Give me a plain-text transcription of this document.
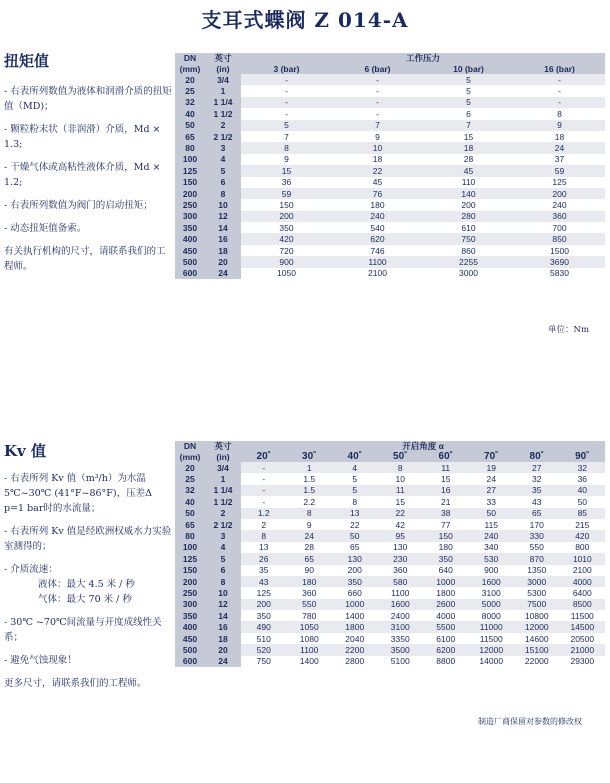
支耳式蝶阀 Z 014-A
扭矩值

- 右表所列数值为液体和润滑介质的扭矩值（MD)；

- 颗粒粉末状（非润滑）介质，Md × 1.3;

- 干燥气体或高粘性液体介质，Md × 1.2;

- 右表所列数值为阀门的启动扭矩；

- 动态扭矩值备索。

有关执行机构的尺寸，请联系我们的工程师。

DN	英寸	工作压力			
(mm)	(in)	3 (bar)	6 (bar)	10 (bar)	16 (bar)
20	3/4	-	-	5	-
25	1	-	-	5	-
32	1 1/4	-	-	5	-
40	1 1/2	-	-	6	8
50	2	5	7	7	9
65	2 1/2	7	9	15	18
80	3	8	10	18	24
100	4	9	18	28	37
125	5	15	22	45	59
150	6	36	45	110	125
200	8	59	76	140	200
250	10	150	180	200	240
300	12	200	240	280	360
350	14	350	540	610	700
400	16	420	620	750	850
450	18	720	746	860	1500
500	20	900	1100	2255	3690
600	24	1050	2100	3000	5830
单位：Nm
Kv 值

- 右表所列 Kv 值（m³/h）为水温5℃~30℃ (41°F~86°F)，压差Δ p=1 bar时的水流量；

- 右表所列 Kv 值是经欧洲权威水力实验室测得的；

- 介质流速：

液体：最大 4.5 米 / 秒

气体：最大 70 米 / 秒

- 30℃ ~70℃间流量与开度成线性关系；

- 避免气蚀现象！

更多尺寸，请联系我们的工程师。

DN	英寸	开启角度 α							
(mm)	(in)	20˚	30˚	40˚	50˚	60˚	70˚	80˚	90˚
20	3/4	-	1	4	8	11	19	27	32
25	1	-	1.5	5	10	15	24	32	36
32	1 1/4	-	1.5	5	11	16	27	35	40
40	1 1/2	-	2.2	8	15	21	33	43	50
50	2	1.2	8	13	22	38	50	65	85
65	2 1/2	2	9	22	42	77	115	170	215
80	3	8	24	50	95	150	240	330	420
100	4	13	28	65	130	180	340	550	800
125	5	26	65	130	230	350	530	870	1010
150	6	35	90	200	360	640	900	1350	2100
200	8	43	180	350	580	1000	1600	3000	4000
250	10	125	360	660	1100	1800	3100	5300	6400
300	12	200	550	1000	1600	2600	5000	7500	8500
350	14	350	780	1400	2400	4000	8000	10800	11500
400	16	490	1050	1800	3100	5500	11000	12000	14500
450	18	510	1080	2040	3350	6100	11500	14600	20500
500	20	520	1100	2200	3500	6200	12000	15100	21000
600	24	750	1400	2800	5100	8800	14000	22000	29300
制造厂商保留对参数的修改权
